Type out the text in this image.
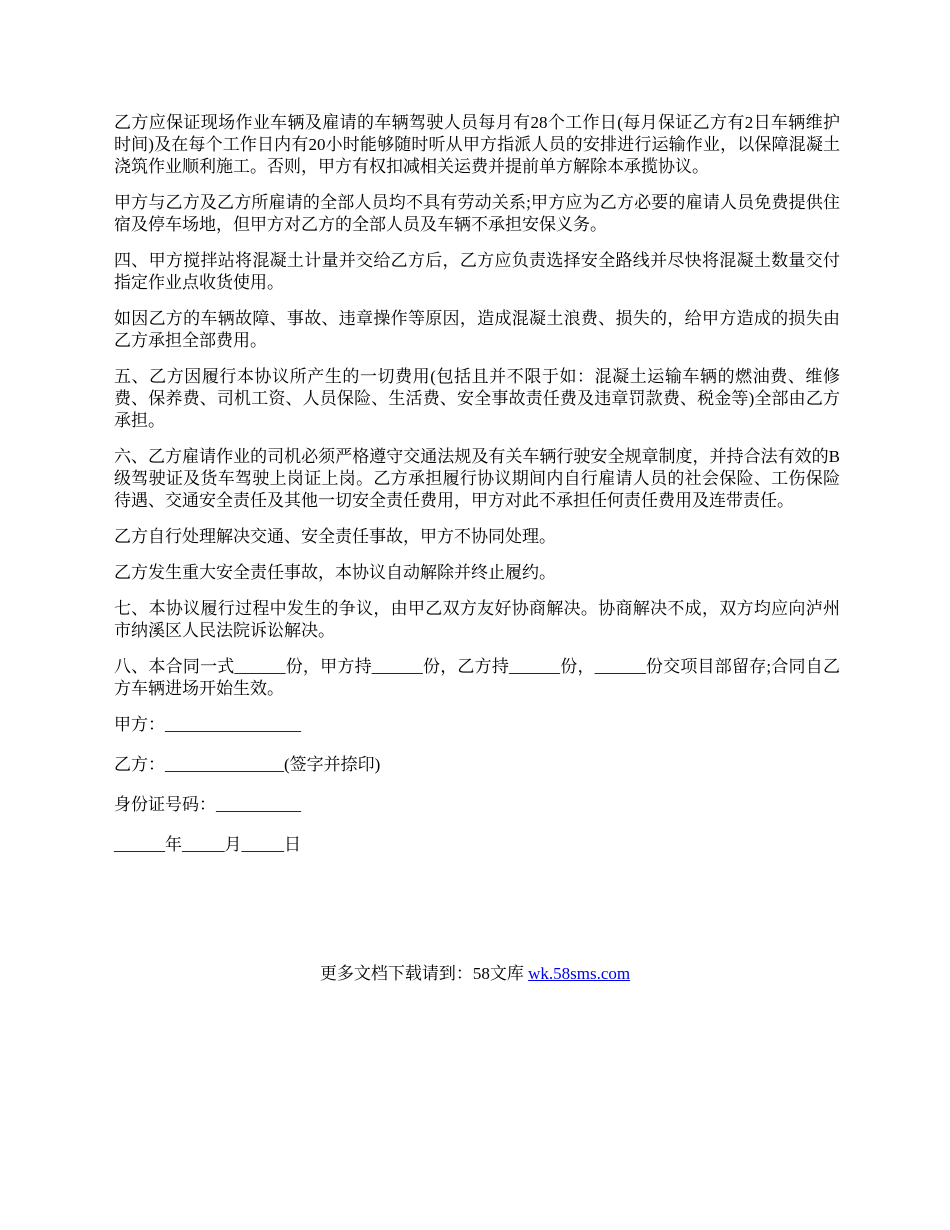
乙方应保证现场作业车辆及雇请的车辆驾驶人员每月有28个工作日(每月保证乙方有2日车辆维护时间)及在每个工作日内有20小时能够随时听从甲方指派人员的安排进行运输作业，以保障混凝土浇筑作业顺利施工。否则，甲方有权扣减相关运费并提前单方解除本承揽协议。

甲方与乙方及乙方所雇请的全部人员均不具有劳动关系;甲方应为乙方必要的雇请人员免费提供住宿及停车场地，但甲方对乙方的全部人员及车辆不承担安保义务。

四、甲方搅拌站将混凝土计量并交给乙方后，乙方应负责选择安全路线并尽快将混凝土数量交付指定作业点收货使用。

如因乙方的车辆故障、事故、违章操作等原因，造成混凝土浪费、损失的，给甲方造成的损失由乙方承担全部费用。

五、乙方因履行本协议所产生的一切费用(包括且并不限于如：混凝土运输车辆的燃油费、维修费、保养费、司机工资、人员保险、生活费、安全事故责任费及违章罚款费、税金等)全部由乙方承担。

六、乙方雇请作业的司机必须严格遵守交通法规及有关车辆行驶安全规章制度，并持合法有效的B级驾驶证及货车驾驶上岗证上岗。乙方承担履行协议期间内自行雇请人员的社会保险、工伤保险待遇、交通安全责任及其他一切安全责任费用，甲方对此不承担任何责任费用及连带责任。

乙方自行处理解决交通、安全责任事故，甲方不协同处理。

乙方发生重大安全责任事故，本协议自动解除并终止履约。

七、本协议履行过程中发生的争议，由甲乙双方友好协商解决。协商解决不成，双方均应向泸州市纳溪区人民法院诉讼解决。

八、本合同一式______份，甲方持______份，乙方持______份，______份交项目部留存;合同自乙方车辆进场开始生效。

甲方：________________
乙方：______________(签字并捺印)
身份证号码：__________
______年_____月_____日
更多文档下载请到：58文库 wk.58sms.com
